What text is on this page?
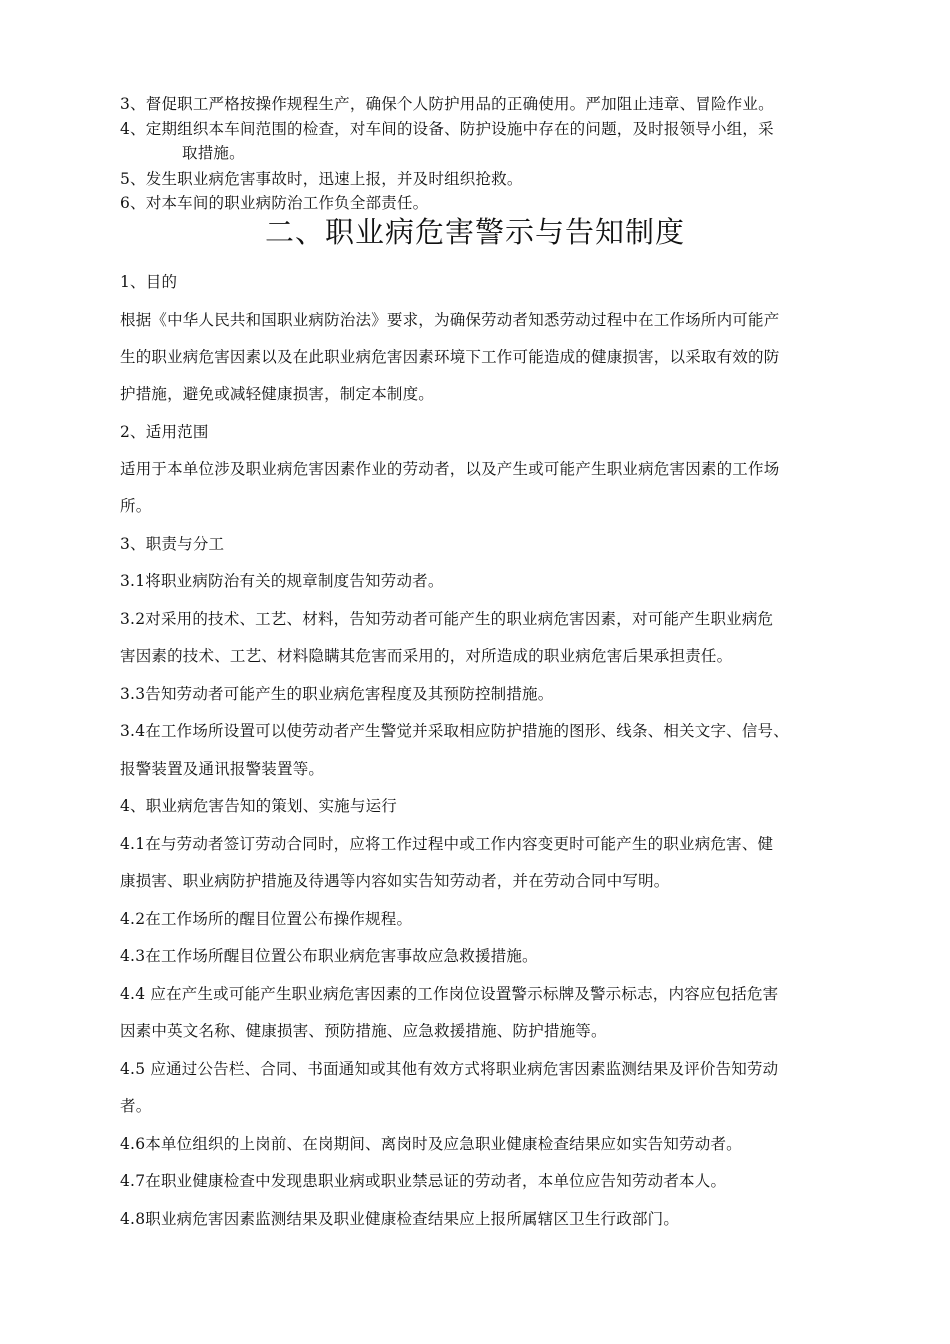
3、督促职工严格按操作规程生产，确保个人防护用品的正确使用。严加阻止违章、冒险作业。
4、定期组织本车间范围的检查，对车间的设备、防护设施中存在的问题，及时报领导小组，采
取措施。
5、发生职业病危害事故时，迅速上报，并及时组织抢救。
6、对本车间的职业病防治工作负全部责任。
二、职业病危害警示与告知制度
1、目的
根据《中华人民共和国职业病防治法》要求，为确保劳动者知悉劳动过程中在工作场所内可能产
生的职业病危害因素以及在此职业病危害因素环境下工作可能造成的健康损害，以采取有效的防
护措施，避免或减轻健康损害，制定本制度。
2、适用范围
适用于本单位涉及职业病危害因素作业的劳动者，以及产生或可能产生职业病危害因素的工作场
所。
3、职责与分工
3.1将职业病防治有关的规章制度告知劳动者。
3.2对采用的技术、工艺、材料，告知劳动者可能产生的职业病危害因素，对可能产生职业病危
害因素的技术、工艺、材料隐瞒其危害而采用的，对所造成的职业病危害后果承担责任。
3.3告知劳动者可能产生的职业病危害程度及其预防控制措施。
3.4在工作场所设置可以使劳动者产生警觉并采取相应防护措施的图形、线条、相关文字、信号、
报警装置及通讯报警装置等。
4、职业病危害告知的策划、实施与运行
4.1在与劳动者签订劳动合同时，应将工作过程中或工作内容变更时可能产生的职业病危害、健
康损害、职业病防护措施及待遇等内容如实告知劳动者，并在劳动合同中写明。
4.2在工作场所的醒目位置公布操作规程。
4.3在工作场所醒目位置公布职业病危害事故应急救援措施。
4.4 应在产生或可能产生职业病危害因素的工作岗位设置警示标牌及警示标志，内容应包括危害
因素中英文名称、健康损害、预防措施、应急救援措施、防护措施等。
4.5 应通过公告栏、合同、书面通知或其他有效方式将职业病危害因素监测结果及评价告知劳动
者。
4.6本单位组织的上岗前、在岗期间、离岗时及应急职业健康检查结果应如实告知劳动者。
4.7在职业健康检查中发现患职业病或职业禁忌证的劳动者，本单位应告知劳动者本人。
4.8职业病危害因素监测结果及职业健康检查结果应上报所属辖区卫生行政部门。
